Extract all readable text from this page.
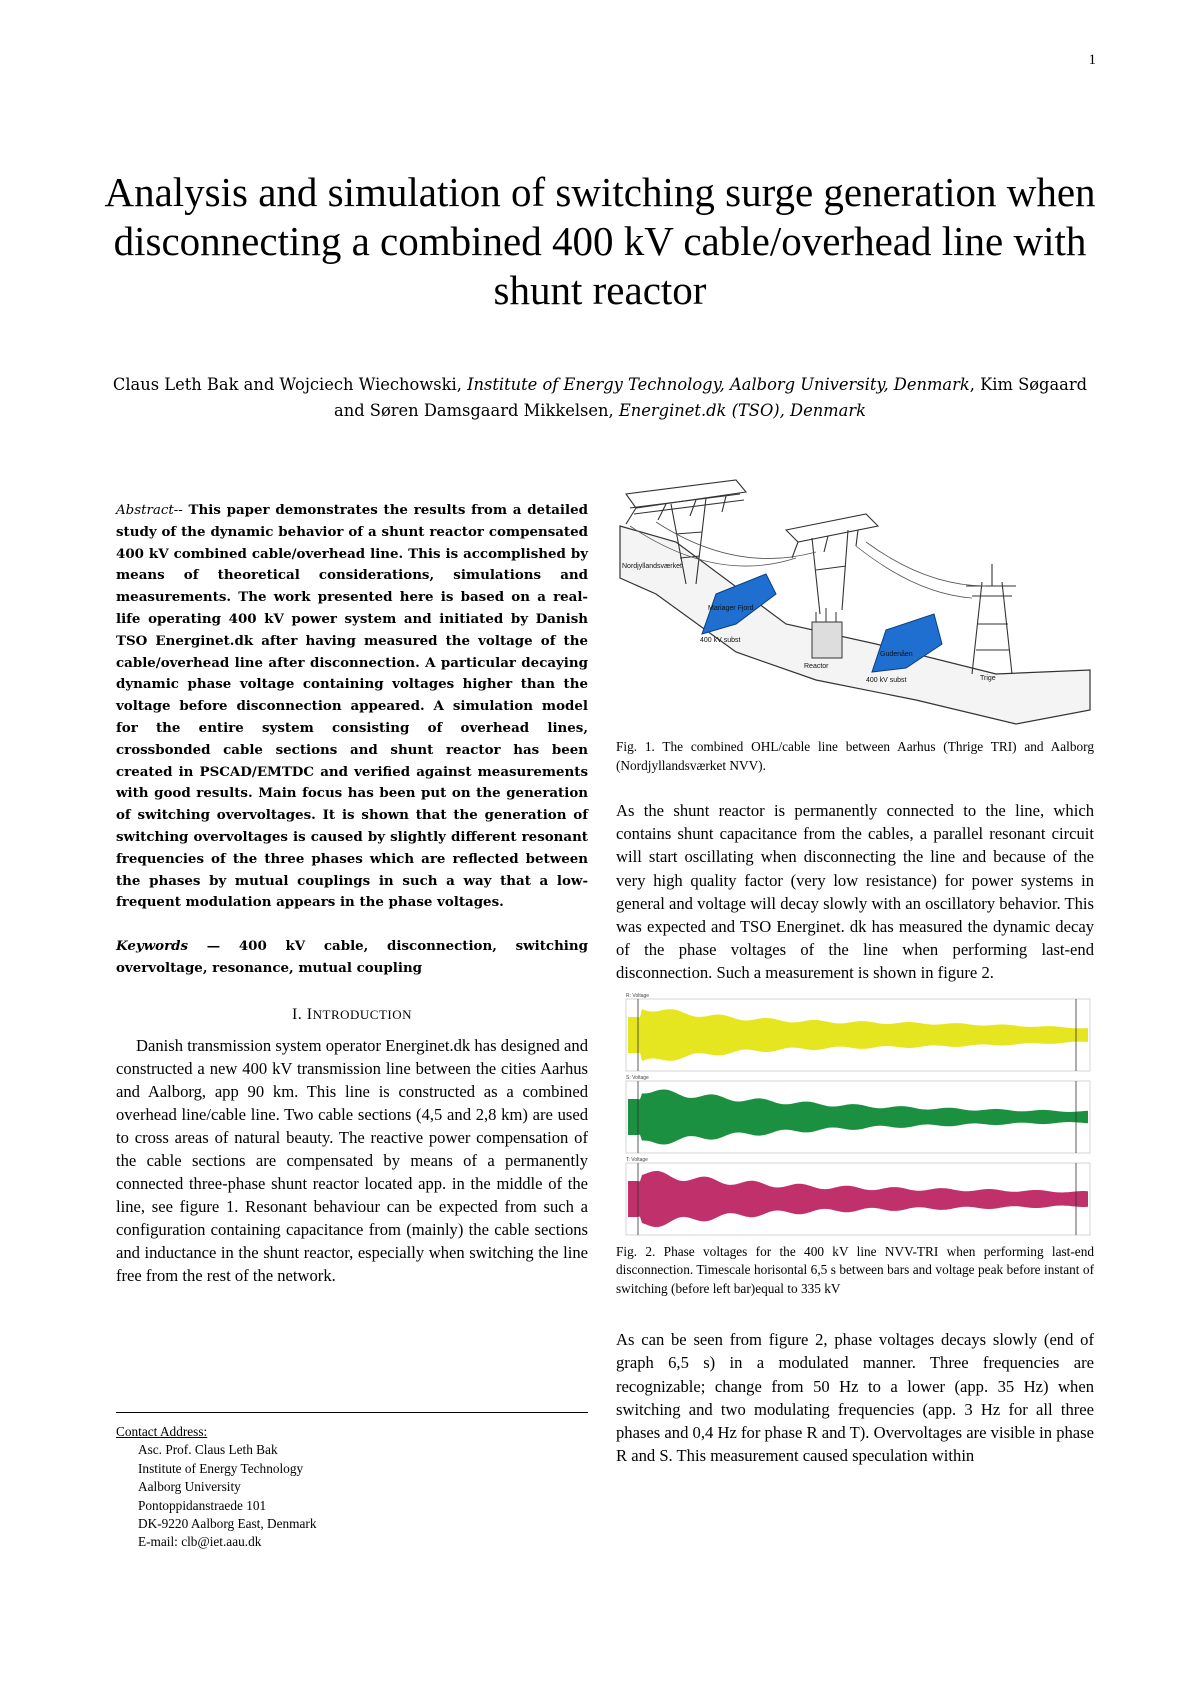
1
Analysis and simulation of switching surge generation when disconnecting a combined 400 kV cable/overhead line with shunt reactor

Claus Leth Bak and Wojciech Wiechowski, Institute of Energy Technology, Aalborg University, Denmark, Kim Søgaard and Søren Damsgaard Mikkelsen, Energinet.dk (TSO), Denmark

Abstract-- This paper demonstrates the results from a detailed study of the dynamic behavior of a shunt reactor compensated 400 kV combined cable/overhead line. This is accomplished by means of theoretical considerations, simulations and measurements. The work presented here is based on a real-life operating 400 kV power system and initiated by Danish TSO Energinet.dk after having measured the voltage of the cable/overhead line after disconnection. A particular decaying dynamic phase voltage containing voltages higher than the voltage before disconnection appeared. A simulation model for the entire system consisting of overhead lines, crossbonded cable sections and shunt reactor has been created in PSCAD/EMTDC and verified against measurements with good results. Main focus has been put on the generation of switching overvoltages. It is shown that the generation of switching overvoltages is caused by slightly different resonant frequencies of the three phases which are reflected between the phases by mutual couplings in such a way that a low-frequent modulation appears in the phase voltages.

Keywords — 400 kV cable, disconnection, switching overvoltage, resonance, mutual coupling

I. INTRODUCTION

Danish transmission system operator Energinet.dk has designed and constructed a new 400 kV transmission line between the cities Aarhus and Aalborg, app 90 km. This line is constructed as a combined overhead line/cable line. Two cable sections (4,5 and 2,8 km) are used to cross areas of natural beauty. The reactive power compensation of the cable sections are compensated by means of a permanently connected three-phase shunt reactor located app. in the middle of the line, see figure 1. Resonant behaviour can be expected from such a configuration containing capacitance from (mainly) the cable sections and inductance in the shunt reactor, especially when switching the line free from the rest of the network.

Contact Address:

Asc. Prof. Claus Leth Bak
Institute of Energy Technology
Aalborg University
Pontoppidanstraede 101
DK-9220 Aalborg East, Denmark
E-mail: clb@iet.aau.dk
Nordjyllandsværket
Mariager Fjord
400 kV subst
Reactor
Gudenåen
400 kV subst	Trige

Fig. 1. The combined OHL/cable line between Aarhus (Thrige TRI) and Aalborg (Nordjyllandsværket NVV).

As the shunt reactor is permanently connected to the line, which contains shunt capacitance from the cables, a parallel resonant circuit will start oscillating when disconnecting the line and because of the very high quality factor (very low resistance) for power systems in general and voltage will decay slowly with an oscillatory behavior. This was expected and TSO Energinet. dk has measured the dynamic decay of the phase voltages of the line when performing last-end disconnection. Such a measurement is shown in figure 2.

R: Voltage
S: Voltage
T: Voltage

Fig. 2. Phase voltages for the 400 kV line NVV-TRI when performing last-end disconnection. Timescale horisontal 6,5 s between bars and voltage peak before instant of switching (before left bar)equal to 335 kV

As can be seen from figure 2, phase voltages decays slowly (end of graph 6,5 s) in a modulated manner. Three frequencies are recognizable; change from 50 Hz to a lower (app. 35 Hz) when switching and two modulating frequencies (app. 3 Hz for all three phases and 0,4 Hz for phase R and T). Overvoltages are visible in phase R and S. This measurement caused speculation within
